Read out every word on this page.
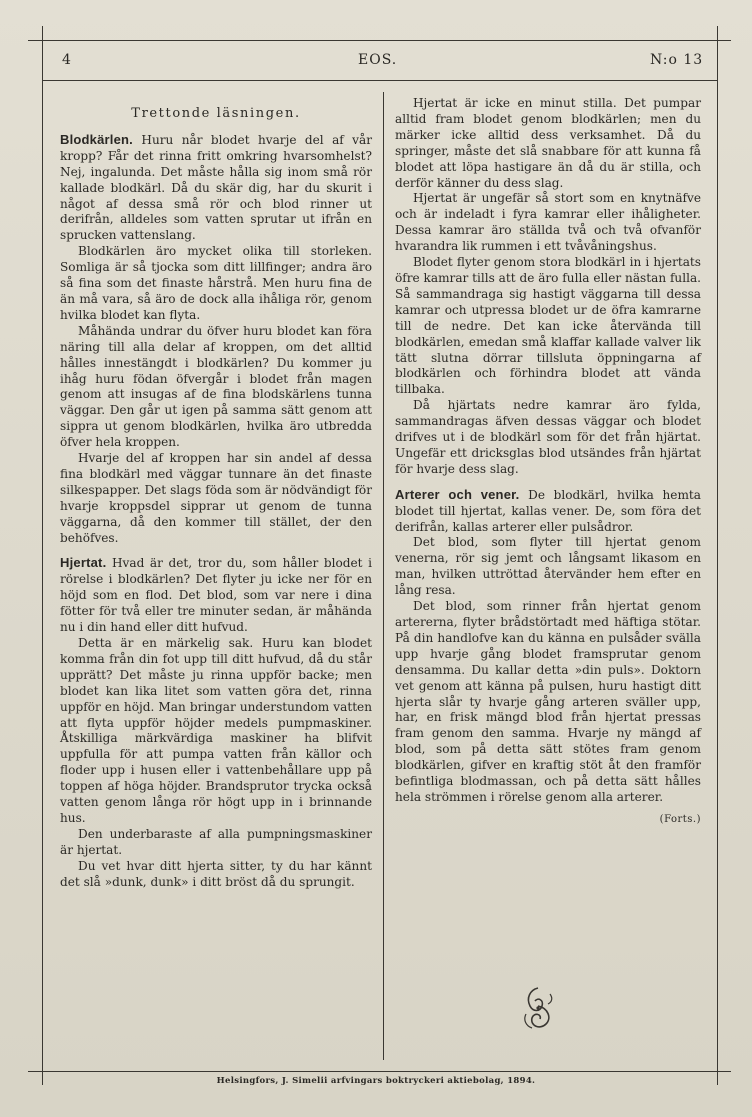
4	EOS.	N:o 13
Trettonde läsningen.

Blodkärlen. Huru når blodet hvarje del af vår kropp? Får det rinna fritt omkring hvarsomhelst? Nej, ingalunda. Det måste hålla sig inom små rör kallade blodkärl. Då du skär dig, har du skurit i något af dessa små rör och blod rinner ut derifrån, alldeles som vatten sprutar ut ifrån en sprucken vattenslang.

Blodkärlen äro mycket olika till storleken. Somliga är så tjocka som ditt lillfinger; andra äro så fina som det finaste hårstrå. Men huru fina de än må vara, så äro de dock alla ihåliga rör, genom hvilka blodet kan flyta.

Måhända undrar du öfver huru blodet kan föra näring till alla delar af kroppen, om det alltid hålles innestängdt i blodkärlen? Du kommer ju ihåg huru födan öfvergår i blodet från magen genom att insugas af de fina blodskärlens tunna väggar. Den går ut igen på samma sätt genom att sippra ut genom blodkärlen, hvilka äro utbredda öfver hela kroppen.

Hvarje del af kroppen har sin andel af dessa fina blodkärl med väggar tunnare än det finaste silkespapper. Det slags föda som är nödvändigt för hvarje kroppsdel sipprar ut genom de tunna väggarna, då den kommer till stället, der den behöfves.

Hjertat. Hvad är det, tror du, som håller blodet i rörelse i blodkärlen? Det flyter ju icke ner för en höjd som en flod. Det blod, som var nere i dina fötter för två eller tre minuter sedan, är måhända nu i din hand eller ditt hufvud.

Detta är en märkelig sak. Huru kan blodet komma från din fot upp till ditt hufvud, då du står upprätt? Det måste ju rinna uppför backe; men blodet kan lika litet som vatten göra det, rinna uppför en höjd. Man bringar understundom vatten att flyta uppför höjder medels pumpmaskiner. Åtskilliga märkvärdiga maskiner ha blifvit uppfulla för att pumpa vatten från källor och floder upp i husen eller i vattenbehållare upp på toppen af höga höjder. Brandsprutor trycka också vatten genom långa rör högt upp in i brinnande hus.

Den underbaraste af alla pumpningsmaskiner är hjertat.

Du vet hvar ditt hjerta sitter, ty du har kännt det slå »dunk, dunk» i ditt bröst då du sprungit.

Hjertat är icke en minut stilla. Det pumpar alltid fram blodet genom blodkärlen; men du märker icke alltid dess verksamhet. Då du springer, måste det slå snabbare för att kunna få blodet att löpa hastigare än då du är stilla, och derför känner du dess slag.

Hjertat är ungefär så stort som en knytnäfve och är indeladt i fyra kamrar eller ihåligheter. Dessa kamrar äro ställda två och två ofvanför hvarandra lik rummen i ett tvåvåningshus.

Blodet flyter genom stora blodkärl in i hjertats öfre kamrar tills att de äro fulla eller nästan fulla. Så sammandraga sig hastigt väggarna till dessa kamrar och utpressa blodet ur de öfra kamrarne till de nedre. Det kan icke återvända till blodkärlen, emedan små klaffar kallade valver lik tätt slutna dörrar tillsluta öppningarna af blodkärlen och förhindra blodet att vända tillbaka.

Då hjärtats nedre kamrar äro fylda, sammandragas äfven dessas väggar och blodet drifves ut i de blodkärl som för det från hjärtat. Ungefär ett dricksglas blod utsändes från hjärtat för hvarje dess slag.

Arterer och vener. De blodkärl, hvilka hemta blodet till hjertat, kallas vener. De, som föra det derifrån, kallas arterer eller pulsådror.

Det blod, som flyter till hjertat genom venerna, rör sig jemt och långsamt likasom en man, hvilken uttröttad återvänder hem efter en lång resa.

Det blod, som rinner från hjertat genom artererna, flyter brådstörtadt med häftiga stötar. På din handlofve kan du känna en pulsåder svälla upp hvarje gång blodet framsprutar genom densamma. Du kallar detta »din puls». Doktorn vet genom att känna på pulsen, huru hastigt ditt hjerta slår ty hvarje gång arteren sväller upp, har, en frisk mängd blod från hjertat pressas fram genom den samma. Hvarje ny mängd af blod, som på detta sätt stötes fram genom blodkärlen, gifver en kraftig stöt åt den framför befintliga blodmassan, och på detta sätt hålles hela strömmen i rörelse genom alla arterer.

(Forts.)
Helsingfors, J. Simelii arfvingars boktryckeri aktiebolag, 1894.
